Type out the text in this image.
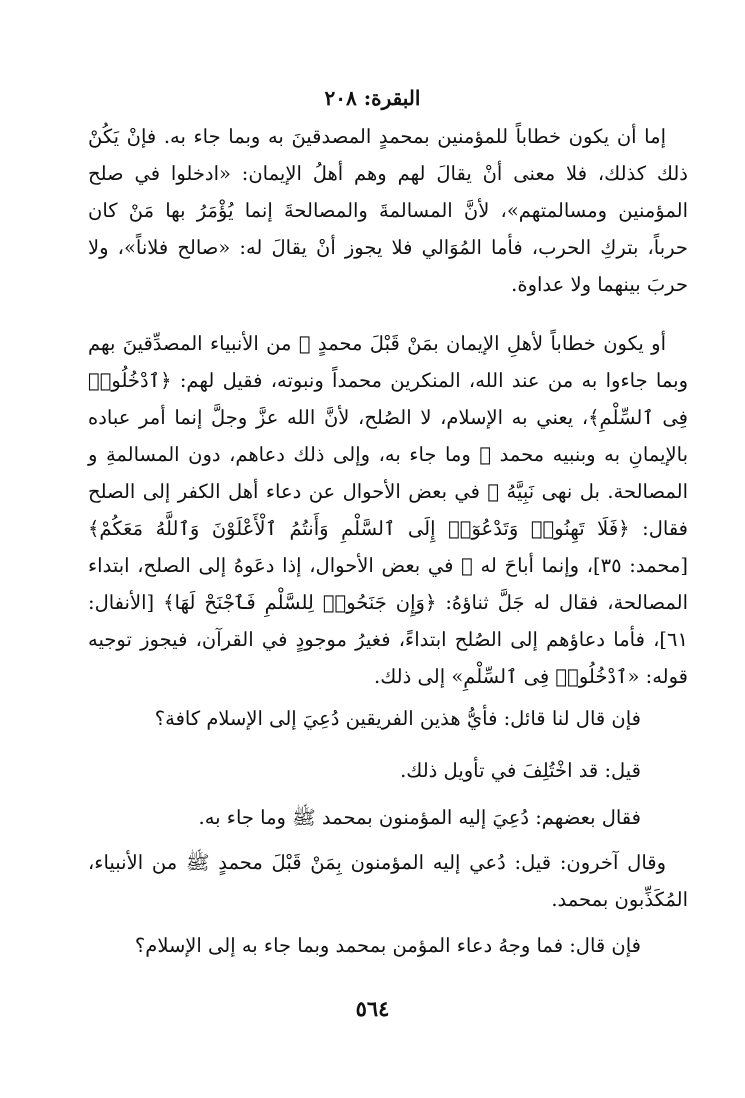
البقرة: ٢٠٨

إما أن يكون خطاباً للمؤمنين بمحمدٍ المصدقينَ به وبما جاء به. فإنْ يَكُنْ ذلك كذلك، فلا معنى أنْ يقالَ لهم وهم أهلُ الإيمان: «ادخلوا في صلح المؤمنين ومسالمتهم»، لأنَّ المسالمةَ والمصالحةَ إنما يُؤْمَرُ بها مَنْ كان حرباً، بتركِ الحرب، فأما المُوَالي فلا يجوز أنْ يقالَ له: «صالح فلاناً»، ولا حربَ بينهما ولا عداوة.

أو يكون خطاباً لأهلِ الإيمان بمَنْ قَبْلَ محمدٍ ﷺ من الأنبياء المصدِّقينَ بهم وبما جاءوا به من عند الله، المنكرين محمداً ونبوته، فقيل لهم: ﴿ٱدْخُلُوا۟ فِى ٱلسِّلْمِ﴾، يعني به الإسلام، لا الصُلح، لأنَّ الله عزَّ وجلَّ إنما أمر عباده بالإيمانِ به وبنبيه محمد ﷺ وما جاء به، وإلى ذلك دعاهم، دون المسالمةِ و المصالحة. بل نهى نَبِيَّهُ ﷺ في بعض الأحوال عن دعاء أهل الكفر إلى الصلح فقال: ﴿فَلَا تَهِنُوا۟ وَتَدْعُوٓا۟ إِلَى ٱلسَّلْمِ وَأَنتُمُ ٱلْأَعْلَوْنَ وَٱللَّهُ مَعَكُمْ﴾ [محمد: ٣٥]، وإنما أباحَ له ﷺ في بعض الأحوال، إذا دعَوهُ إلى الصلح، ابتداء المصالحة، فقال له جَلَّ ثناؤهُ: ﴿وَإِن جَنَحُوا۟ لِلسَّلْمِ فَٱجْنَحْ لَهَا﴾ [الأنفال: ٦١]، فأما دعاؤهم إلى الصُلح ابتداءً، فغيرُ موجودٍ في القرآن، فيجوز توجيه قوله: «ٱدْخُلُوا۟ فِى ٱلسِّلْمِ» إلى ذلك.

فإن قال لنا قائل: فأيُّ هذين الفريقين دُعِيَ إلى الإسلام كافة؟

قيل: قد اخْتُلِفَ في تأويل ذلك.

فقال بعضهم: دُعِيَ إليه المؤمنون بمحمد ﷺ وما جاء به.

وقال آخرون: قيل: دُعي إليه المؤمنون بِمَنْ قَبْلَ محمدٍ ﷺ من الأنبياء، المُكَذِّبون بمحمد.

فإن قال: فما وجهُ دعاء المؤمن بمحمد وبما جاء به إلى الإسلام؟

٥٦٤
